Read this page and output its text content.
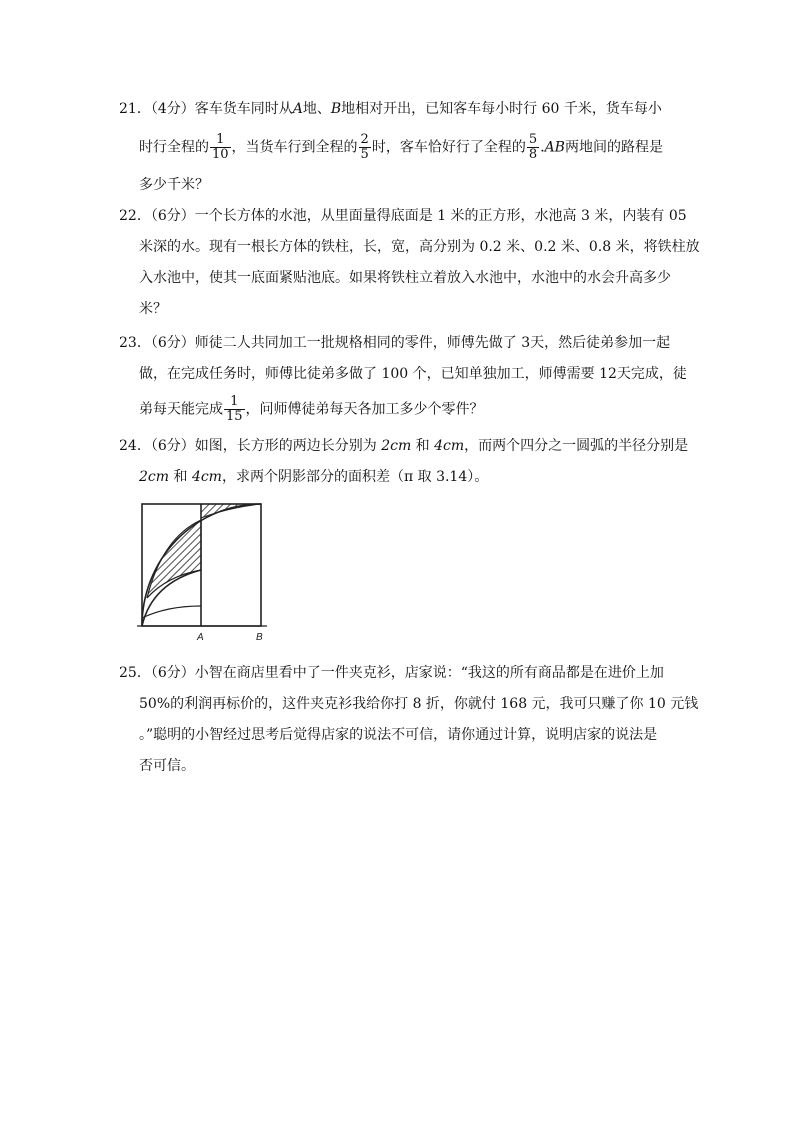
21．（4分）客车货车同时从A地、B地相对开出，已知客车每小时行 60 千米，货车每小
时行全程的 $\frac{1}{10}$ ，当货车行到全程的 $\frac{2}{5}$ 时，客车恰好行了全程的 $\frac{5}{8} .AB$两地间的路程是
多少千米？
22．（6分）一个长方体的水池，从里面量得底面是 1 米的正方形，水池高 3 米，内装有 05
米深的水。现有一根长方体的铁柱，长，宽，高分别为 0.2 米、0.2 米、0.8 米，将铁柱放
入水池中，使其一底面紧贴池底。如果将铁柱立着放入水池中，水池中的水会升高多少
米？
23．（6分）师徒二人共同加工一批规格相同的零件，师傅先做了 3天，然后徒弟参加一起
做，在完成任务时，师傅比徒弟多做了 100 个，已知单独加工，师傅需要 12天完成，徒
弟每天能完成 $\frac{1}{15}$ ，问师傅徒弟每天各加工多少个零件？
24．（6分）如图，长方形的两边长分别为 2cm 和 4cm，而两个四分之一圆弧的半径分别是
2cm 和 4cm，求两个阴影部分的面积差（π 取 3.14）。
A	B
25．（6分）小智在商店里看中了一件夹克衫，店家说：“我这的所有商品都是在进价上加
50%的利润再标价的，这件夹克衫我给你打 8 折，你就付 168 元，我可只赚了你 10 元钱
。”聪明的小智经过思考后觉得店家的说法不可信，请你通过计算，说明店家的说法是
否可信。
